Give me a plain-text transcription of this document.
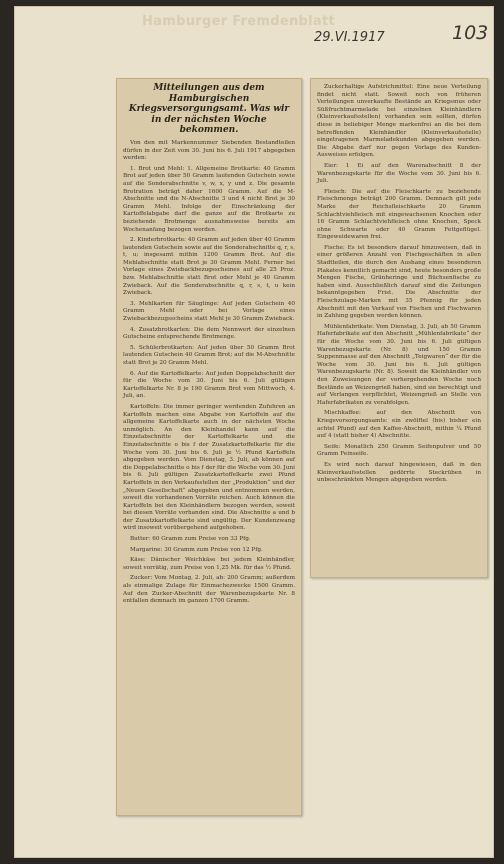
Hamburger Fremdenblatt
29.VI.1917	103
Mitteilungen aus dem Hamburgischen Kriegsversorgungsamt. Was wir in der nächsten Woche bekommen.

Von den mit Markennummer Siebenden Bestandteilen dürfen in der Zeit vom 30. Juni bis 6. Juli 1917 abgegeben werden:

1. Brot und Mehl: 1. Allgemeine Brotkarte: 40 Gramm Brot auf jeden über 50 Gramm lautenden Gutschein sowie auf die Sonderabschnitte v, w, x, y und z. Die gesamte Brotration beträgt daher 1600 Gramm. Auf die M-Abschnitte und die N-Abschnitte 3 und 4 nicht Brot je 30 Gramm Mehl. Infolge der Einschränkung der Kartoffelabgabe darf die ganze auf die Brotkarte zu beziehende Brotmenge ausnahmsweise bereits am Wochenanfang bezogen werden.

2. Kinderbrotkarte: 40 Gramm auf jeden über 40 Gramm lautenden Gutschein sowie auf die Sonderabschnitte q, r, s, t, u; insgesamt mithin 1200 Gramm Brot. Auf die Mehlabschnitte statt Brot je 30 Gramm Mehl. Ferner bei Vorlage eines Zwiebackbezugsscheines auf alle 25 Proz. bzw. Mehlabschnitte statt Brot oder Mehl je 40 Gramm Zwieback. Auf die Sonderabschnitte q, r, s, t, u kein Zwieback.

3. Mehlkarten für Säuglinge: Auf jeden Gutschein 40 Gramm Mehl oder bei Vorlage eines Zwiebackbezugsscheins statt Mehl je 30 Gramm Zwieback.

4. Zusatzbrotkarten: Die dem Nennwert der einzelnen Gutscheine entsprechende Brotmenge.

5. Schülerbrotkarten: Auf jeden über 50 Gramm Brot lautenden Gutschein 40 Gramm Brot; auf die M-Abschnitte statt Brot je 20 Gramm Mehl.

6. Auf die Kartoffelkarte: Auf jeden Doppelabschnitt der für die Woche vom 30. Juni bis 6. Juli gültigen Kartoffelkarte Nr. 8 je 190 Gramm Brot vom Mittwoch, 4. Juli, an.

Kartoffeln: Die immer geringer werdenden Zufuhren an Kartoffeln machen eine Abgabe von Kartoffeln auf die allgemeine Kartoffelkarte auch in der nächsten Woche unmöglich. An den Kleinhandel kann auf die Einzelabschnitte der Kartoffelkarte und die Einzelabschnitte o bis f der Zusatzkartoffelkarte für die Woche vom 30. Juni bis 6. Juli je ½ Pfund Kartoffeln abgegeben werden. Vom Dienstag, 3. Juli, ab können auf die Doppelabschnitte o bis f der für die Woche vom 30. Juni bis 6. Juli gültigen Zusatzkartoffelkarte zwei Pfund Kartoffeln in den Verkaufsstellen der „Produktion“ und der „Neuen Gesellschaft“ abgegeben und entnommen werden, soweit die vorhandenen Vorräte reichen. Auch können die Kartoffeln bei den Kleinhändlern bezogen werden, soweit bei diesen Vorräte vorhanden sind. Die Abschnitte a und b der Zusatzkartoffelkarte sind ungültig. Der Kundenzwang wird insoweit vorübergehend aufgehoben.

Butter: 60 Gramm zum Preise von 33 Pfg.

Margarine: 30 Gramm zum Preise von 12 Pfg.

Käse: Dänischer Weichkäse bei jedem Kleinhändler, soweit vorrätig, zum Preise von 1,25 Mk. für das ½ Pfund.

Zucker: Vom Montag, 2. Juli, ab: 200 Gramm; außerdem als einmalige Zulage für Einmachezwecke 1500 Gramm. Auf den Zucker-Abschnitt der Warenbezugskarte Nr. 8 entfallen demnach im ganzen 1700 Gramm.

Zuckerhaltige Aufstrichmittel: Eine neue Verteilung findet nicht statt. Soweit noch von früheren Verteilungen unverkaufte Bestände an Kriegsmus oder Süßfruchtmarmelade bei einzelnen Kleinhändlern (Kleinverkaufsstellen) vorhanden sein sollten, dürfen diese in beliebiger Menge markenfrei an die bei dem betreffenden Kleinhändler (Kleinverkaufsstelle) eingetragenen Marmeladekunden abgegeben werden. Die Abgabe darf nur gegen Vorlage des Kunden-Ausweises erfolgen.

Eier: 1 Ei auf den Warenabschnitt 8 der Warenbezugskarte für die Woche vom 30. Juni bis 6. Juli.

Fleisch: Die auf die Fleischkarte zu beziehende Fleischmenge beträgt 200 Gramm. Demnach gilt jede Marke der Reichsfleischkarte 20 Gramm Schlachtviehfleisch mit eingewachsenen Knochen oder 16 Gramm Schlachtviehfleisch ohne Knochen, Speck ohne Schwarte oder 40 Gramm Fettgeflügel. Eingeweidewaren frei.

Fische: Es ist besonders darauf hinzuweisen, daß in einer größeren Anzahl von Fischgeschäften in allen Stadtteilen, die durch den Aushang eines besonderen Plakates kenntlich gemacht sind, heute besonders große Mengen Fische, Grünheringe und Büchsenfische zu haben sind. Ausschließlich darauf sind die Zeitungen bekanntgegeben Frist. Die Abschnitte der Fleischzulage-Marken mit 35 Pfennig für jeden Abschnitt mit den Verkauf von Fischen und Fischwaren in Zahlung gegeben werden können.

Mühlenfabrikate: Vom Dienstag, 3. Juli, ab 50 Gramm Haferfabrikate auf den Abschnitt „Mühlenfabrikate“ der für die Woche vom 30. Juni bis 6. Juli gültigen Warenbezugskarte (Nr. 8) und 150 Gramm Suppenmasse auf den Abschnitt „Teigwaren“ der für die Woche vom 30. Juni bis 6. Juli gültigen Warenbezugskarte (Nr. 8). Soweit die Kleinhändler von den Zuweisungen der vorhergehenden Woche noch Bestände an Weizengrieß haben, sind sie berechtigt und auf Verlangen verpflichtet, Weizengrieß an Stelle von Haferfabrikaten zu verabfolgen.

Mischkaffee: auf den Abschnitt von Kriegsvorsorgungsamts: ein zwölftel (bis) bisher ein achtel Pfund) auf den Kaffee-Abschnitt, mithin ¼ Pfund auf 4 (statt bisher 4) Abschnitte.

Seife: Monatlich 250 Gramm Seifenpulver und 50 Gramm Feinseife.

Es wird noch darauf hingewiesen, daß in den Kleinverkaufsstellen gedörrte Steckrüben in unbeschränkten Mengen abgegeben werden.
